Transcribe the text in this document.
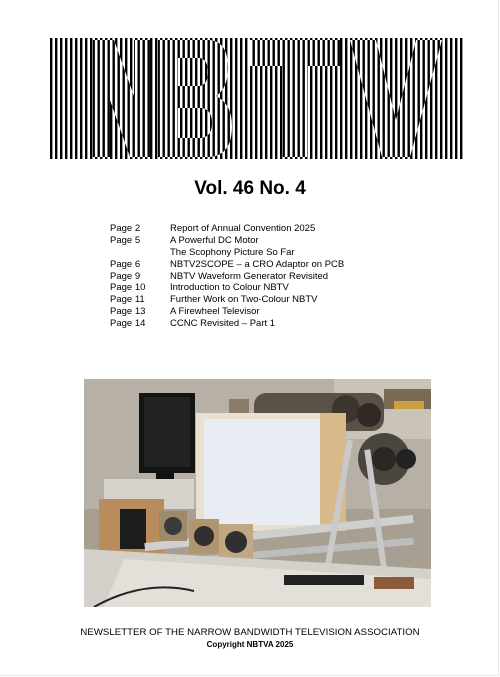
Vol. 46 No. 4
Page 2	Report of Annual Convention 2025
Page 5	A Powerful DC Motor
The Scophony Picture So Far
Page 6	NBTV2SCOPE – a CRO Adaptor on PCB
Page 9	NBTV Waveform Generator Revisited
Page 10	Introduction to Colour NBTV
Page 11	Further Work on Two-Colour NBTV
Page 13	A Firewheel Televisor
Page 14	CCNC Revisited – Part 1
NEWSLETTER OF THE NARROW BANDWIDTH TELEVISION ASSOCIATION
Copyright NBTVA 2025
